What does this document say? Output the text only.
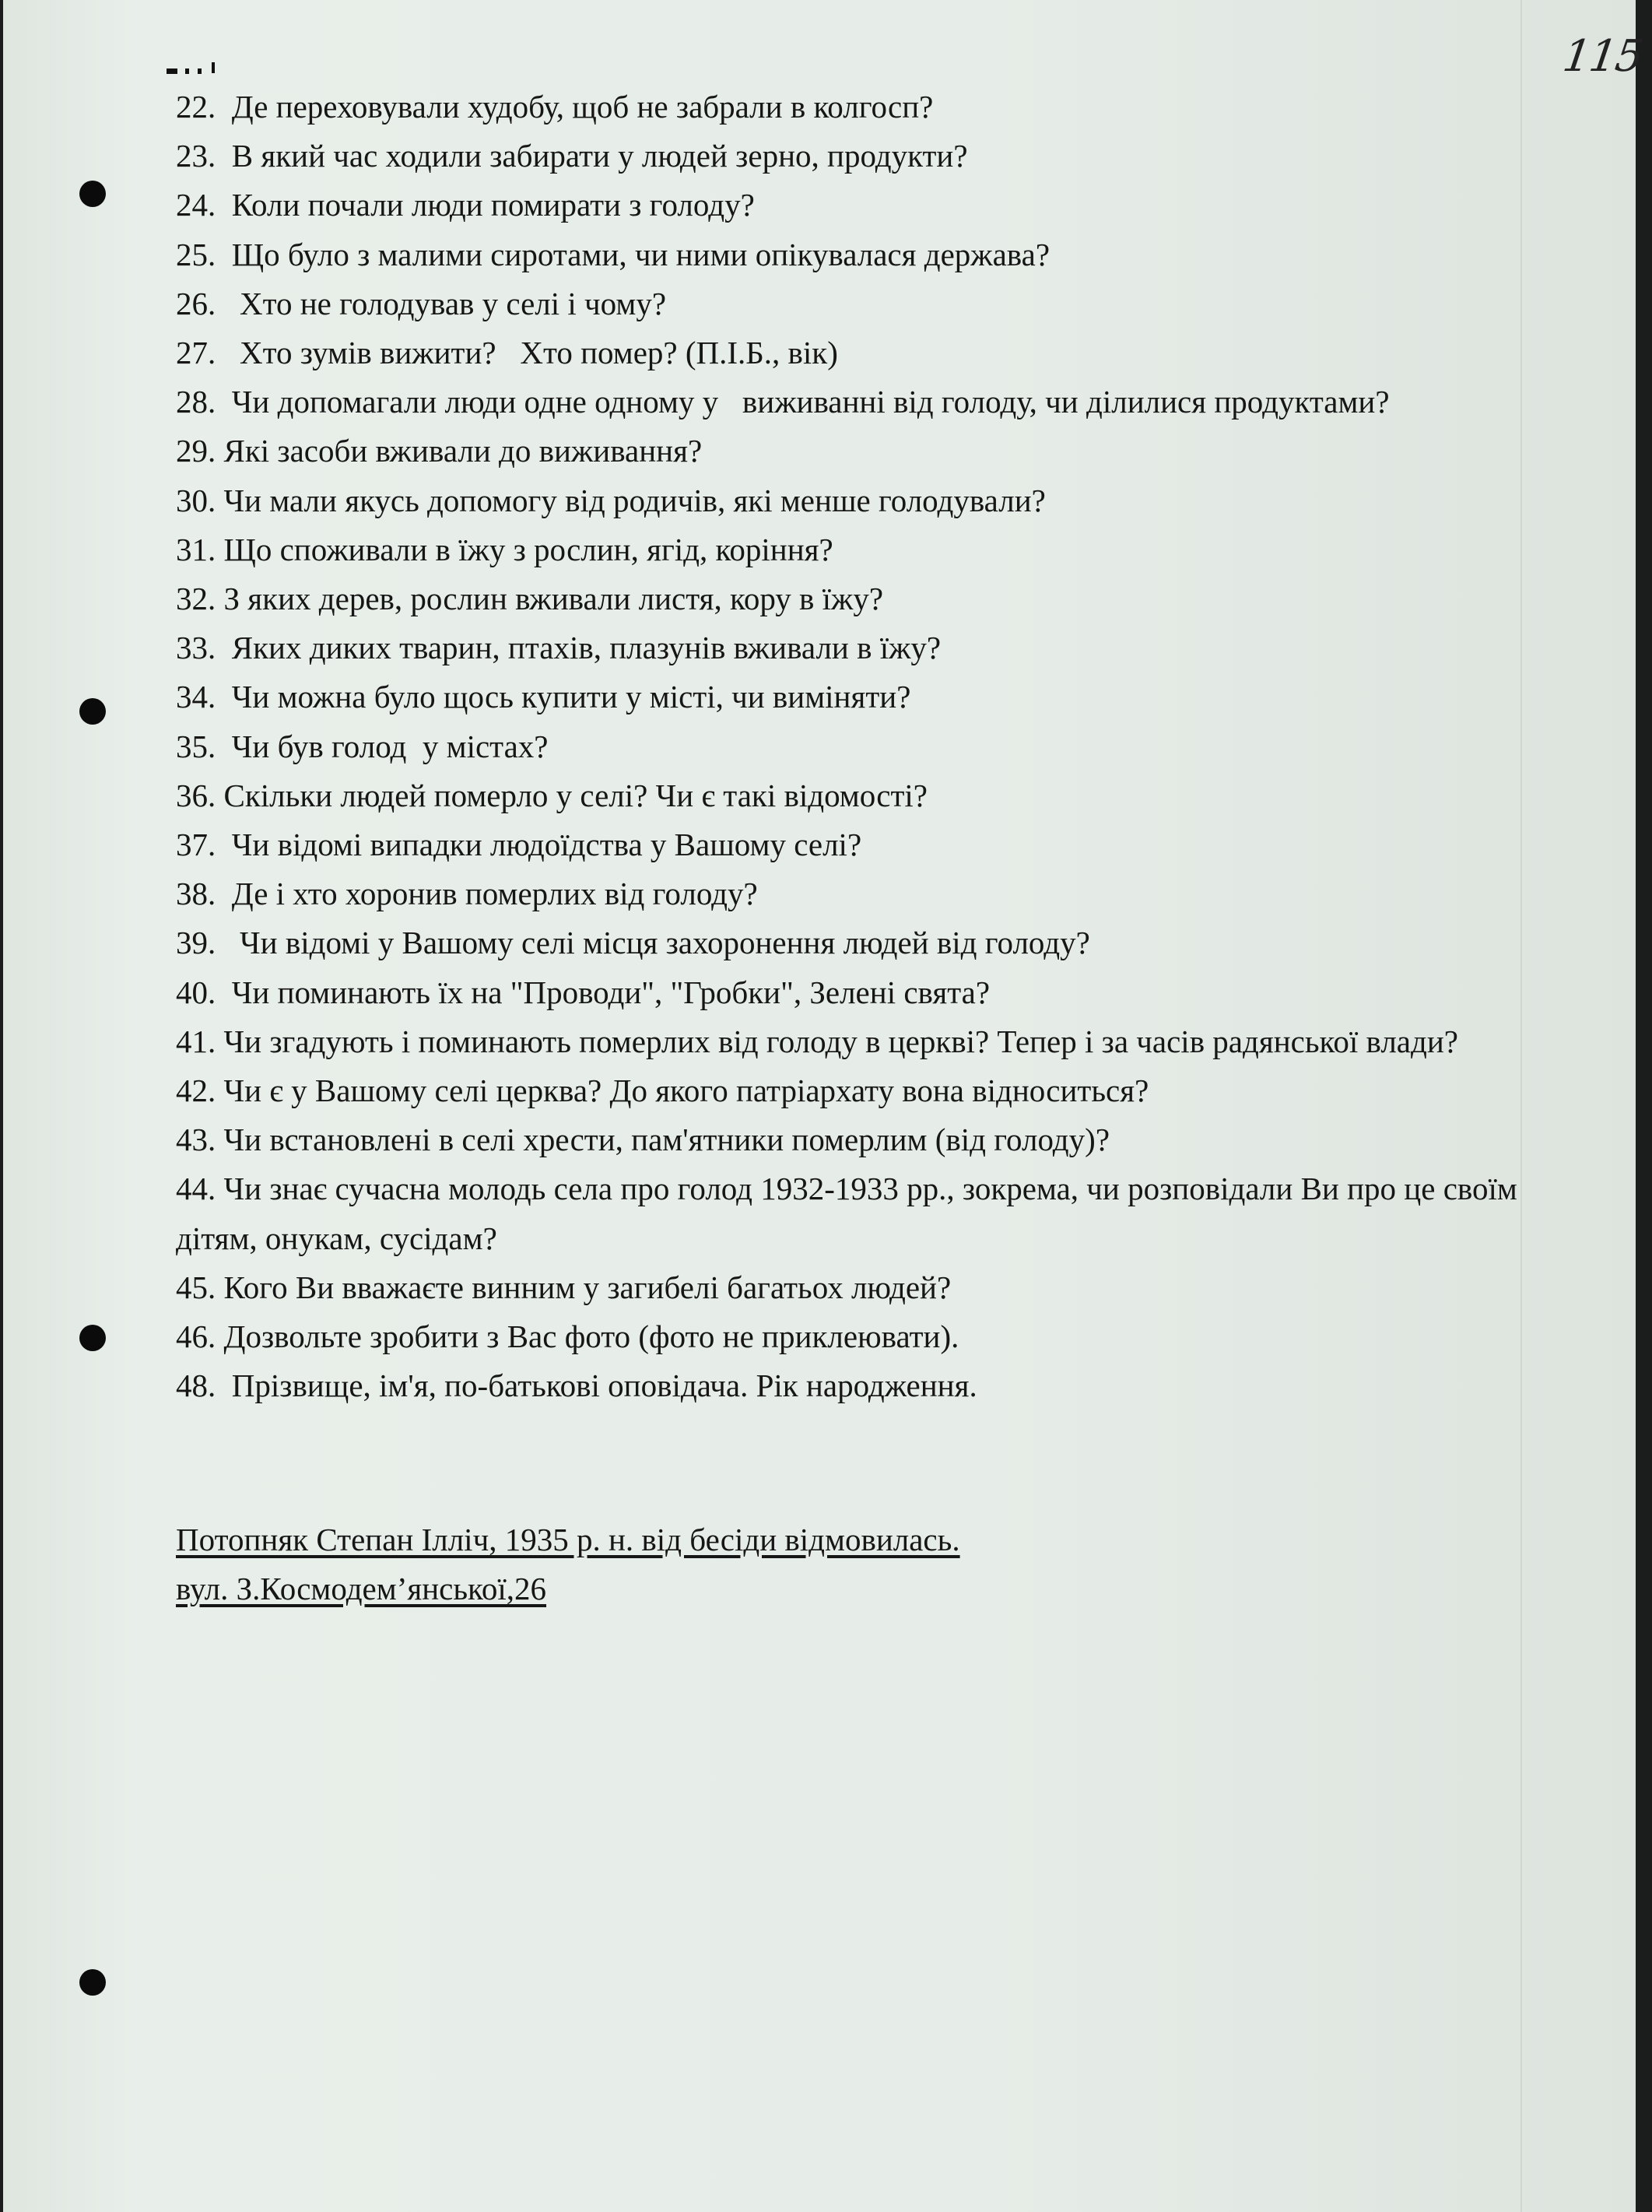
115
22.  Де переховували худобу, щоб не забрали в колгосп?
23.  В який час ходили забирати у людей зерно, продукти?
24.  Коли почали люди помирати з голоду?
25.  Що було з малими сиротами, чи ними опікувалася держава?
26.   Хто не голодував у селі і чому?
27.   Хто зумів вижити?   Хто помер? (П.І.Б., вік)
28.  Чи допомагали люди одне одному у   виживанні від голоду, чи ділилися продуктами?
29. Які засоби вживали до виживання?
30. Чи мали якусь допомогу від родичів, які менше голодували?
31. Що споживали в їжу з рослин, ягід, коріння?
32. З яких дерев, рослин вживали листя, кору в їжу?
33.  Яких диких тварин, птахів, плазунів вживали в їжу?
34.  Чи можна було щось купити у місті, чи виміняти?
35.  Чи був голод  у містах?
36. Скільки людей померло у селі? Чи є такі відомості?
37.  Чи відомі випадки людоїдства у Вашому селі?
38.  Де і хто хоронив померлих від голоду?
39.   Чи відомі у Вашому селі місця захоронення людей від голоду?
40.  Чи поминають їх на "Проводи", "Гробки", Зелені свята?
41. Чи згадують і поминають померлих від голоду в церкві? Тепер і за часів радянської влади?
42. Чи є у Вашому селі церква? До якого патріархату вона відноситься?
43. Чи встановлені в селі хрести, пам'ятники померлим (від голоду)?
44. Чи знає сучасна молодь села про голод 1932-1933 рр., зокрема, чи розповідали Ви про це своїм дітям, онукам, сусідам?
45. Кого Ви вважаєте винним у загибелі багатьох людей?
46. Дозвольте зробити з Вас фото (фото не приклеювати).
48.  Прізвище, ім'я, по-батькові оповідача. Рік народження.
Потопняк Степан Ілліч, 1935 р. н. від бесіди відмовилась.
вул. З.Космодем’янської,26
